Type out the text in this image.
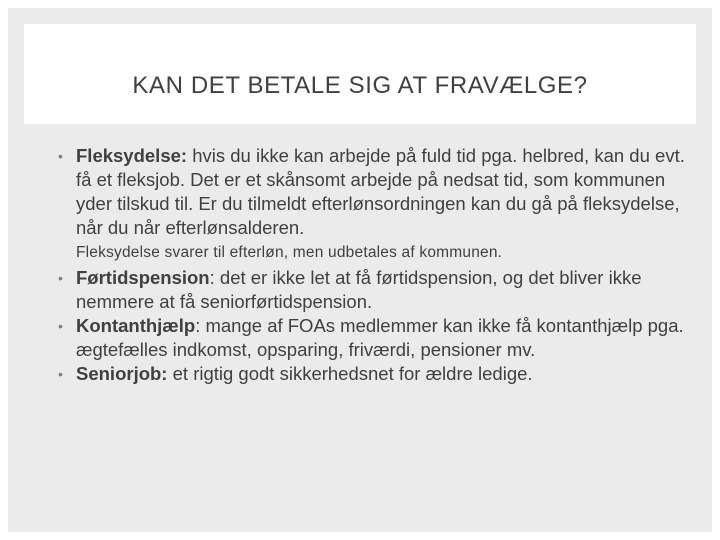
KAN DET BETALE SIG AT FRAVÆLGE?

• Fleksydelse: hvis du ikke kan arbejde på fuld tid pga. helbred, kan du evt. få et fleksjob. Det er et skånsomt arbejde på nedsat tid, som kommunen yder tilskud til. Er du tilmeldt efterlønsordningen kan du gå på fleksydelse, når du når efterlønsalderen.

Fleksydelse svarer til efterløn, men udbetales af kommunen.

• Førtidspension: det er ikke let at få førtidspension, og det bliver ikke nemmere at få seniorførtidspension.

• Kontanthjælp: mange af FOAs medlemmer kan ikke få kontanthjælp pga. ægtefælles indkomst, opsparing, friværdi, pensioner mv.

• Seniorjob: et rigtig godt sikkerhedsnet for ældre ledige.
